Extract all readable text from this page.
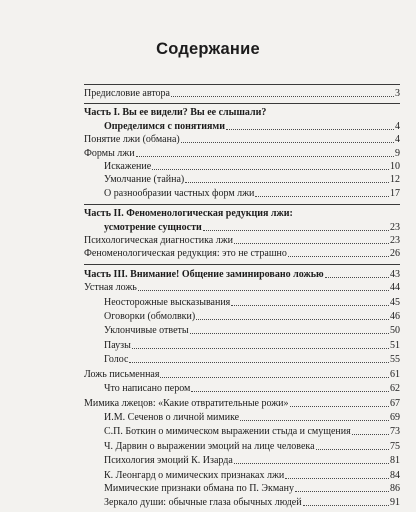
Содержание
Предисловие автора	3
Часть I. Вы ее видели? Вы ее слышали?
Определимся с понятиями	4
Понятие лжи (обмана)	4
Формы лжи	9
Искажение	10
Умолчание (тайна)	12
О разнообразии частных форм лжи	17
Часть II. Феноменологическая редукция лжи:
усмотрение сущности	23
Психологическая диагностика лжи	23
Феноменологическая редукция: это не страшно	26
Часть III. Внимание! Общение заминировано ложью	43
Устная ложь	44
Неосторожные высказывания	45
Оговорки (обмолвки)	46
Уклончивые ответы	50
Паузы	51
Голос	55
Ложь письменная	61
Что написано пером	62
Мимика лжецов: «Какие отвратительные рожи»	67
И.М. Сеченов о личной мимике	69
С.П. Боткин о мимическом выражении стыда и смущения	73
Ч. Дарвин о выражении эмоций на лице человека	75
Психология эмоций К. Изарда	81
К. Леонгард о мимических признаках лжи	84
Мимические признаки обмана по П. Экману	86
Зеркало души: обычные глаза обычных людей	91
